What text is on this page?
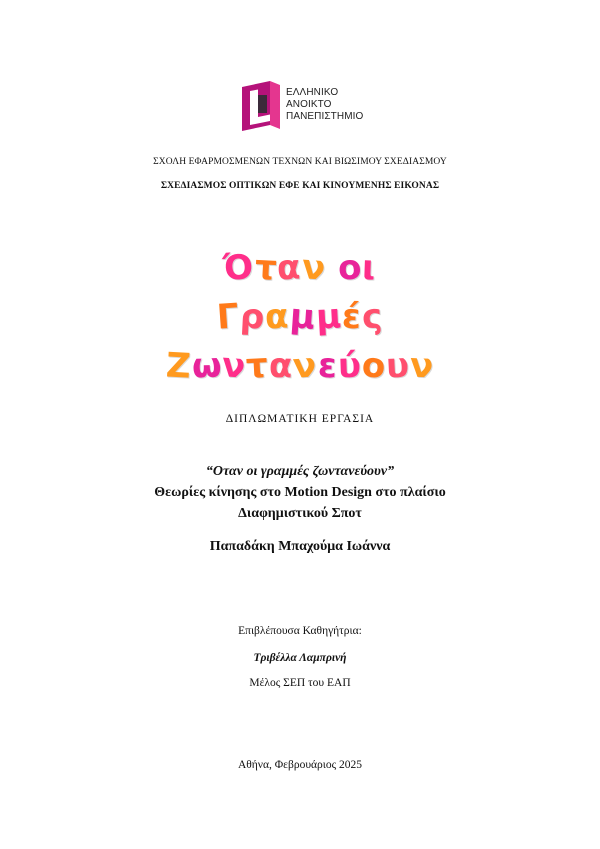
ΕΛΛΗΝΙΚΟ
ΑΝΟΙΚΤΟ
ΠΑΝΕΠΙΣΤΗΜΙΟ
ΣΧΟΛΗ ΕΦΑΡΜΟΣΜΕΝΩΝ ΤΕΧΝΩΝ ΚΑΙ ΒΙΩΣΙΜΟΥ ΣΧΕΔΙΑΣΜΟΥ
ΣΧΕΔΙΑΣΜΟΣ ΟΠΤΙΚΩΝ ΕΦΕ ΚΑΙ ΚΙΝΟΥΜΕΝΗΣ ΕΙΚΟΝΑΣ
Ό
τ
α
ν
ο
ι
Γ
ρ
α
μ
μ
έ
ς
Ζ
ω
ν
τ
α
ν
ε
ύ
ο
υ
ν
ΔΙΠΛΩΜΑΤΙΚΗ ΕΡΓΑΣΙΑ
“Οταν οι γραμμές ζωντανεύουν”
Θεωρίες κίνησης στο Motion Design στο πλαίσιο
Διαφημιστικού Σποτ
Παπαδάκη Μπαχούμα Ιωάννα
Επιβλέπουσα Καθηγήτρια:
Τριβέλλα Λαμπρινή
Μέλος ΣΕΠ του ΕΑΠ
Αθήνα, Φεβρουάριος 2025
